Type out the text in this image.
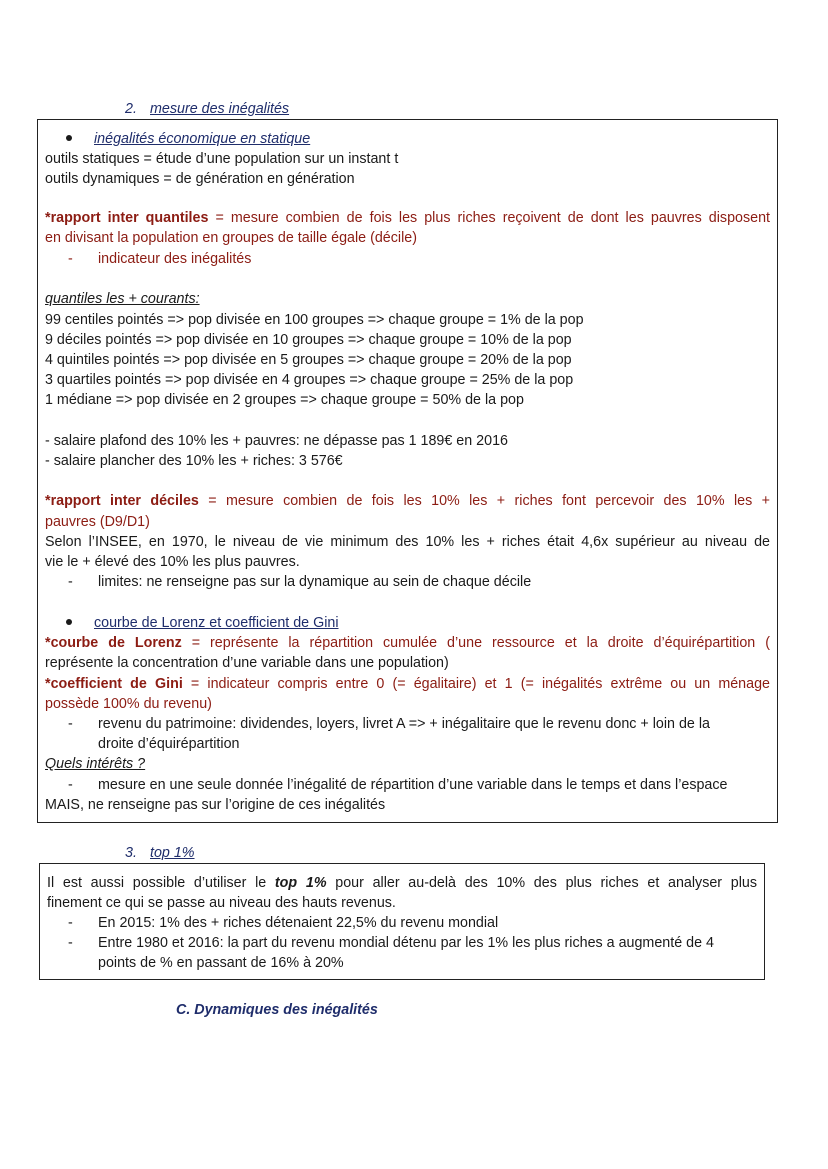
2. mesure des inégalités
inégalités économique en statique
outils statiques = étude d’une population sur un instant t
outils dynamiques = de génération en génération
*rapport inter quantiles = mesure combien de fois les plus riches reçoivent de dont les pauvres disposent
en divisant la population en groupes de taille égale (décile)
- indicateur des inégalités
quantiles les + courants:
99 centiles pointés => pop divisée en 100 groupes => chaque groupe = 1% de la pop
9 déciles pointés => pop divisée en 10 groupes => chaque groupe = 10% de la pop
4 quintiles pointés => pop divisée en 5 groupes => chaque groupe = 20% de la pop
3 quartiles pointés => pop divisée en 4 groupes => chaque groupe = 25% de la pop
1 médiane => pop divisée en 2 groupes => chaque groupe = 50% de la pop
- salaire plafond des 10% les + pauvres: ne dépasse pas 1 189€ en 2016
- salaire plancher des 10% les + riches: 3 576€
*rapport inter déciles = mesure combien de fois les 10% les + riches font percevoir des 10% les +
pauvres (D9/D1)
Selon l’INSEE, en 1970, le niveau de vie minimum des 10% les + riches était 4,6x supérieur au niveau de
vie le + élevé des 10% les plus pauvres.
- limites: ne renseigne pas sur la dynamique au sein de chaque décile
courbe de Lorenz et coefficient de Gini
*courbe de Lorenz = représente la répartition cumulée d’une ressource et la droite d’équirépartition (
représente la concentration d’une variable dans une population)
*coefficient de Gini = indicateur compris entre 0 (= égalitaire) et 1 (= inégalités extrême ou un ménage
possède 100% du revenu)
- revenu du patrimoine: dividendes, loyers, livret A => + inégalitaire que le revenu donc + loin de la
droite d’équirépartition
Quels intérêts ?
- mesure en une seule donnée l’inégalité de répartition d’une variable dans le temps et dans l’espace
MAIS, ne renseigne pas sur l’origine de ces inégalités
3. top 1%
Il est aussi possible d’utiliser le top 1% pour aller au-delà des 10% des plus riches et analyser plus
finement ce qui se passe au niveau des hauts revenus.
- En 2015: 1% des + riches détenaient 22,5% du revenu mondial
- Entre 1980 et 2016: la part du revenu mondial détenu par les 1% les plus riches a augmenté de 4
points de % en passant de 16% à 20%
C. Dynamiques des inégalités
